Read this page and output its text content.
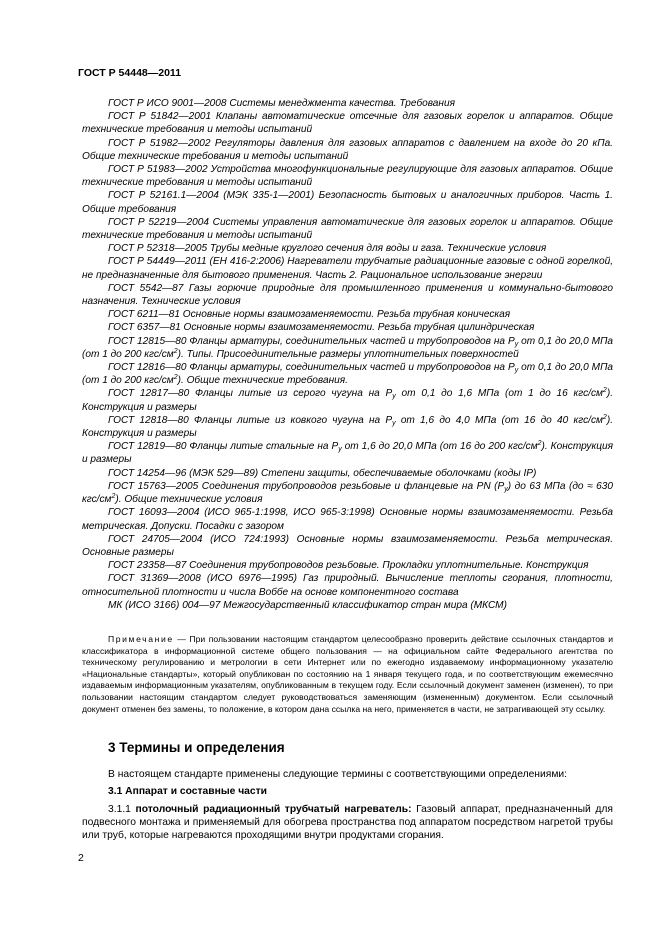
ГОСТ Р 54448—2011

ГОСТ Р ИСО 9001—2008 Системы менеджмента качества. Требования

ГОСТ Р 51842—2001 Клапаны автоматические отсечные для газовых горелок и аппаратов. Общие технические требования и методы испытаний

ГОСТ Р 51982—2002 Регуляторы давления для газовых аппаратов с давлением на входе до 20 кПа. Общие технические требования и методы испытаний

ГОСТ Р 51983—2002 Устройства многофункциональные регулирующие для газовых аппаратов. Общие технические требования и методы испытаний

ГОСТ Р 52161.1—2004 (МЭК 335-1—2001) Безопасность бытовых и аналогичных приборов. Часть 1. Общие требования

ГОСТ Р 52219—2004 Системы управления автоматические для газовых горелок и аппаратов. Общие технические требования и методы испытаний

ГОСТ Р 52318—2005 Трубы медные круглого сечения для воды и газа. Технические условия

ГОСТ Р 54449—2011 (ЕН 416-2:2006) Нагреватели трубчатые радиационные газовые с одной горелкой, не предназначенные для бытового применения. Часть 2. Рациональное использование энергии

ГОСТ 5542—87 Газы горючие природные для промышленного применения и коммунально-бытового назначения. Технические условия

ГОСТ 6211—81 Основные нормы взаимозаменяемости. Резьба трубная коническая

ГОСТ 6357—81 Основные нормы взаимозаменяемости. Резьба трубная цилиндрическая

ГОСТ 12815—80 Фланцы арматуры, соединительных частей и трубопроводов на $P_y$ от 0,1 до 20,0 МПа (от 1 до 200 кгс/$см^2$). Типы. Присоединительные размеры уплотнительных поверхностей

ГОСТ 12816—80 Фланцы арматуры, соединительных частей и трубопроводов на $P_y$ от 0,1 до 20,0 МПа (от 1 до 200 кгс/$см^2$). Общие технические требования.

ГОСТ 12817—80 Фланцы литые из серого чугуна на $P_y$ от 0,1 до 1,6 МПа (от 1 до 16 кгс/$см^2$). Конструкция и размеры

ГОСТ 12818—80 Фланцы литые из ковкого чугуна на $P_y$ от 1,6 до 4,0 МПа (от 16 до 40 кгс/$см^2$). Конструкция и размеры

ГОСТ 12819—80 Фланцы литые стальные на $P_y$ от 1,6 до 20,0 МПа (от 16 до 200 кгс/$см^2$). Конструкция и размеры

ГОСТ 14254—96 (МЭК 529—89) Степени защиты, обеспечиваемые оболочками (коды IP)

ГОСТ 15763—2005 Соединения трубопроводов резьбовые и фланцевые на PN $(P_y)$ до 63 МПа (до ≈ 630 кгс/$см^2$). Общие технические условия

ГОСТ 16093—2004 (ИСО 965-1:1998, ИСО 965-3:1998) Основные нормы взаимозаменяемости. Резьба метрическая. Допуски. Посадки с зазором

ГОСТ 24705—2004 (ИСО 724:1993) Основные нормы взаимозаменяемости. Резьба метрическая. Основные размеры

ГОСТ 23358—87 Соединения трубопроводов резьбовые. Прокладки уплотнительные. Конструкция

ГОСТ 31369—2008 (ИСО 6976—1995) Газ природный. Вычисление теплоты сгорания, плотности, относительной плотности и числа Воббе на основе компонентного состава

МК (ИСО 3166) 004—97 Межгосударственный классификатор стран мира (МКСМ)

Примечание — При пользовании настоящим стандартом целесообразно проверить действие ссылочных стандартов и классификатора в информационной системе общего пользования — на официальном сайте Федерального агентства по техническому регулированию и метрологии в сети Интернет или по ежегодно издаваемому информационному указателю «Национальные стандарты», который опубликован по состоянию на 1 января текущего года, и по соответствующим ежемесячно издаваемым информационным указателям, опубликованным в текущем году. Если ссылочный документ заменен (изменен), то при пользовании настоящим стандартом следует руководствоваться заменяющим (измененным) документом. Если ссылочный документ отменен без замены, то положение, в котором дана ссылка на него, применяется в части, не затрагивающей эту ссылку.
3 Термины и определения
В настоящем стандарте применены следующие термины с соответствующими определениями:
3.1 Аппарат и составные части
3.1.1 потолочный радиационный трубчатый нагреватель: Газовый аппарат, предназначенный для подвесного монтажа и применяемый для обогрева пространства под аппаратом посредством нагретой трубы или труб, которые нагреваются проходящими внутри продуктами сгорания.
2
